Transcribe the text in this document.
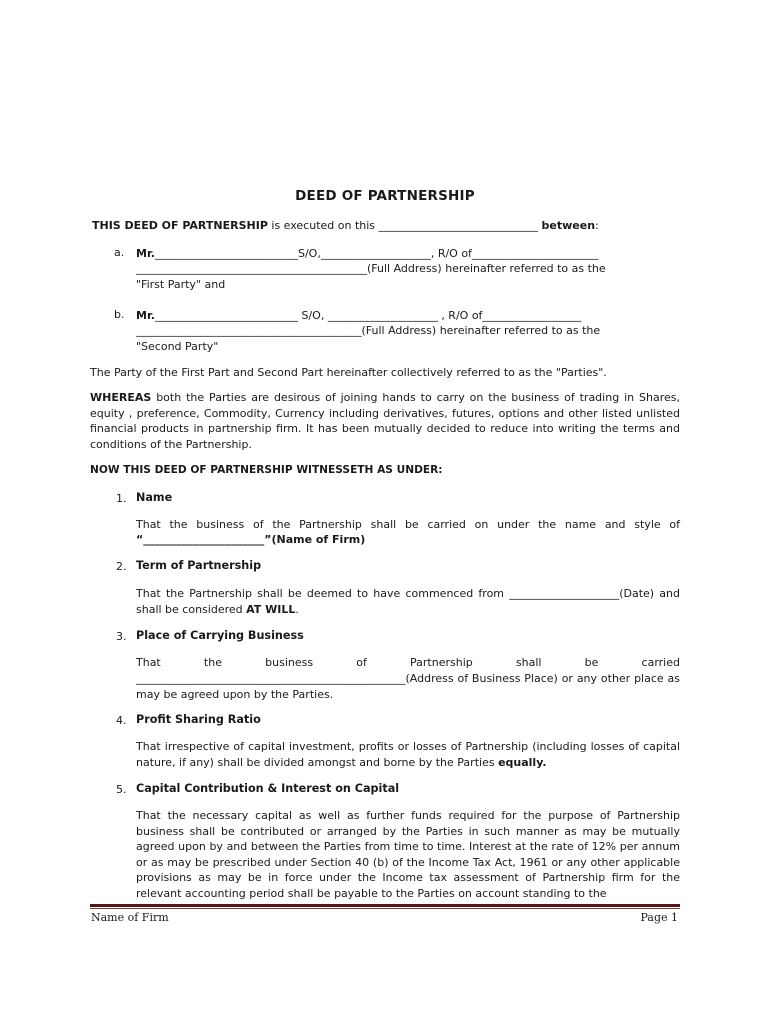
DEED OF PARTNERSHIP

THIS DEED OF PARTNERSHIP is executed on this _____________________________ between:

a. Mr.__________________________S/O,____________________, R/O of_______________________

__________________________________________(Full Address) hereinafter referred to as the

"First Party" and

b. Mr.__________________________ S/O, ____________________ , R/O of__________________

_________________________________________(Full Address) hereinafter referred to as the

"Second Party"

The Party of the First Part and Second Part hereinafter collectively referred to as the "Parties".

WHEREAS both the Parties are desirous of joining hands to carry on the business of trading in Shares, equity , preference, Commodity, Currency including derivatives, futures, options and other listed unlisted financial products in partnership firm. It has been mutually decided to reduce into writing the terms and conditions of the Partnership.

NOW THIS DEED OF PARTNERSHIP WITNESSETH AS UNDER:

1. Name

That the business of the Partnership shall be carried on under the name and style of

“______________________”(Name of Firm)

2. Term of Partnership

That the Partnership shall be deemed to have commenced from ____________________(Date) and shall be considered AT WILL.

3. Place of Carrying Business

That the business of Partnership shall be carried

_________________________________________________(Address of Business Place) or any other place as may be agreed upon by the Parties.

4. Profit Sharing Ratio

That irrespective of capital investment, profits or losses of Partnership (including losses of capital nature, if any) shall be divided amongst and borne by the Parties equally.

5. Capital Contribution & Interest on Capital

That the necessary capital as well as further funds required for the purpose of Partnership business shall be contributed or arranged by the Parties in such manner as may be mutually agreed upon by and between the Parties from time to time. Interest at the rate of 12% per annum or as may be prescribed under Section 40 (b) of the Income Tax Act, 1961 or any other applicable provisions as may be in force under the Income tax assessment of Partnership firm for the relevant accounting period shall be payable to the Parties on account standing to the

Name of Firm	Page 1
